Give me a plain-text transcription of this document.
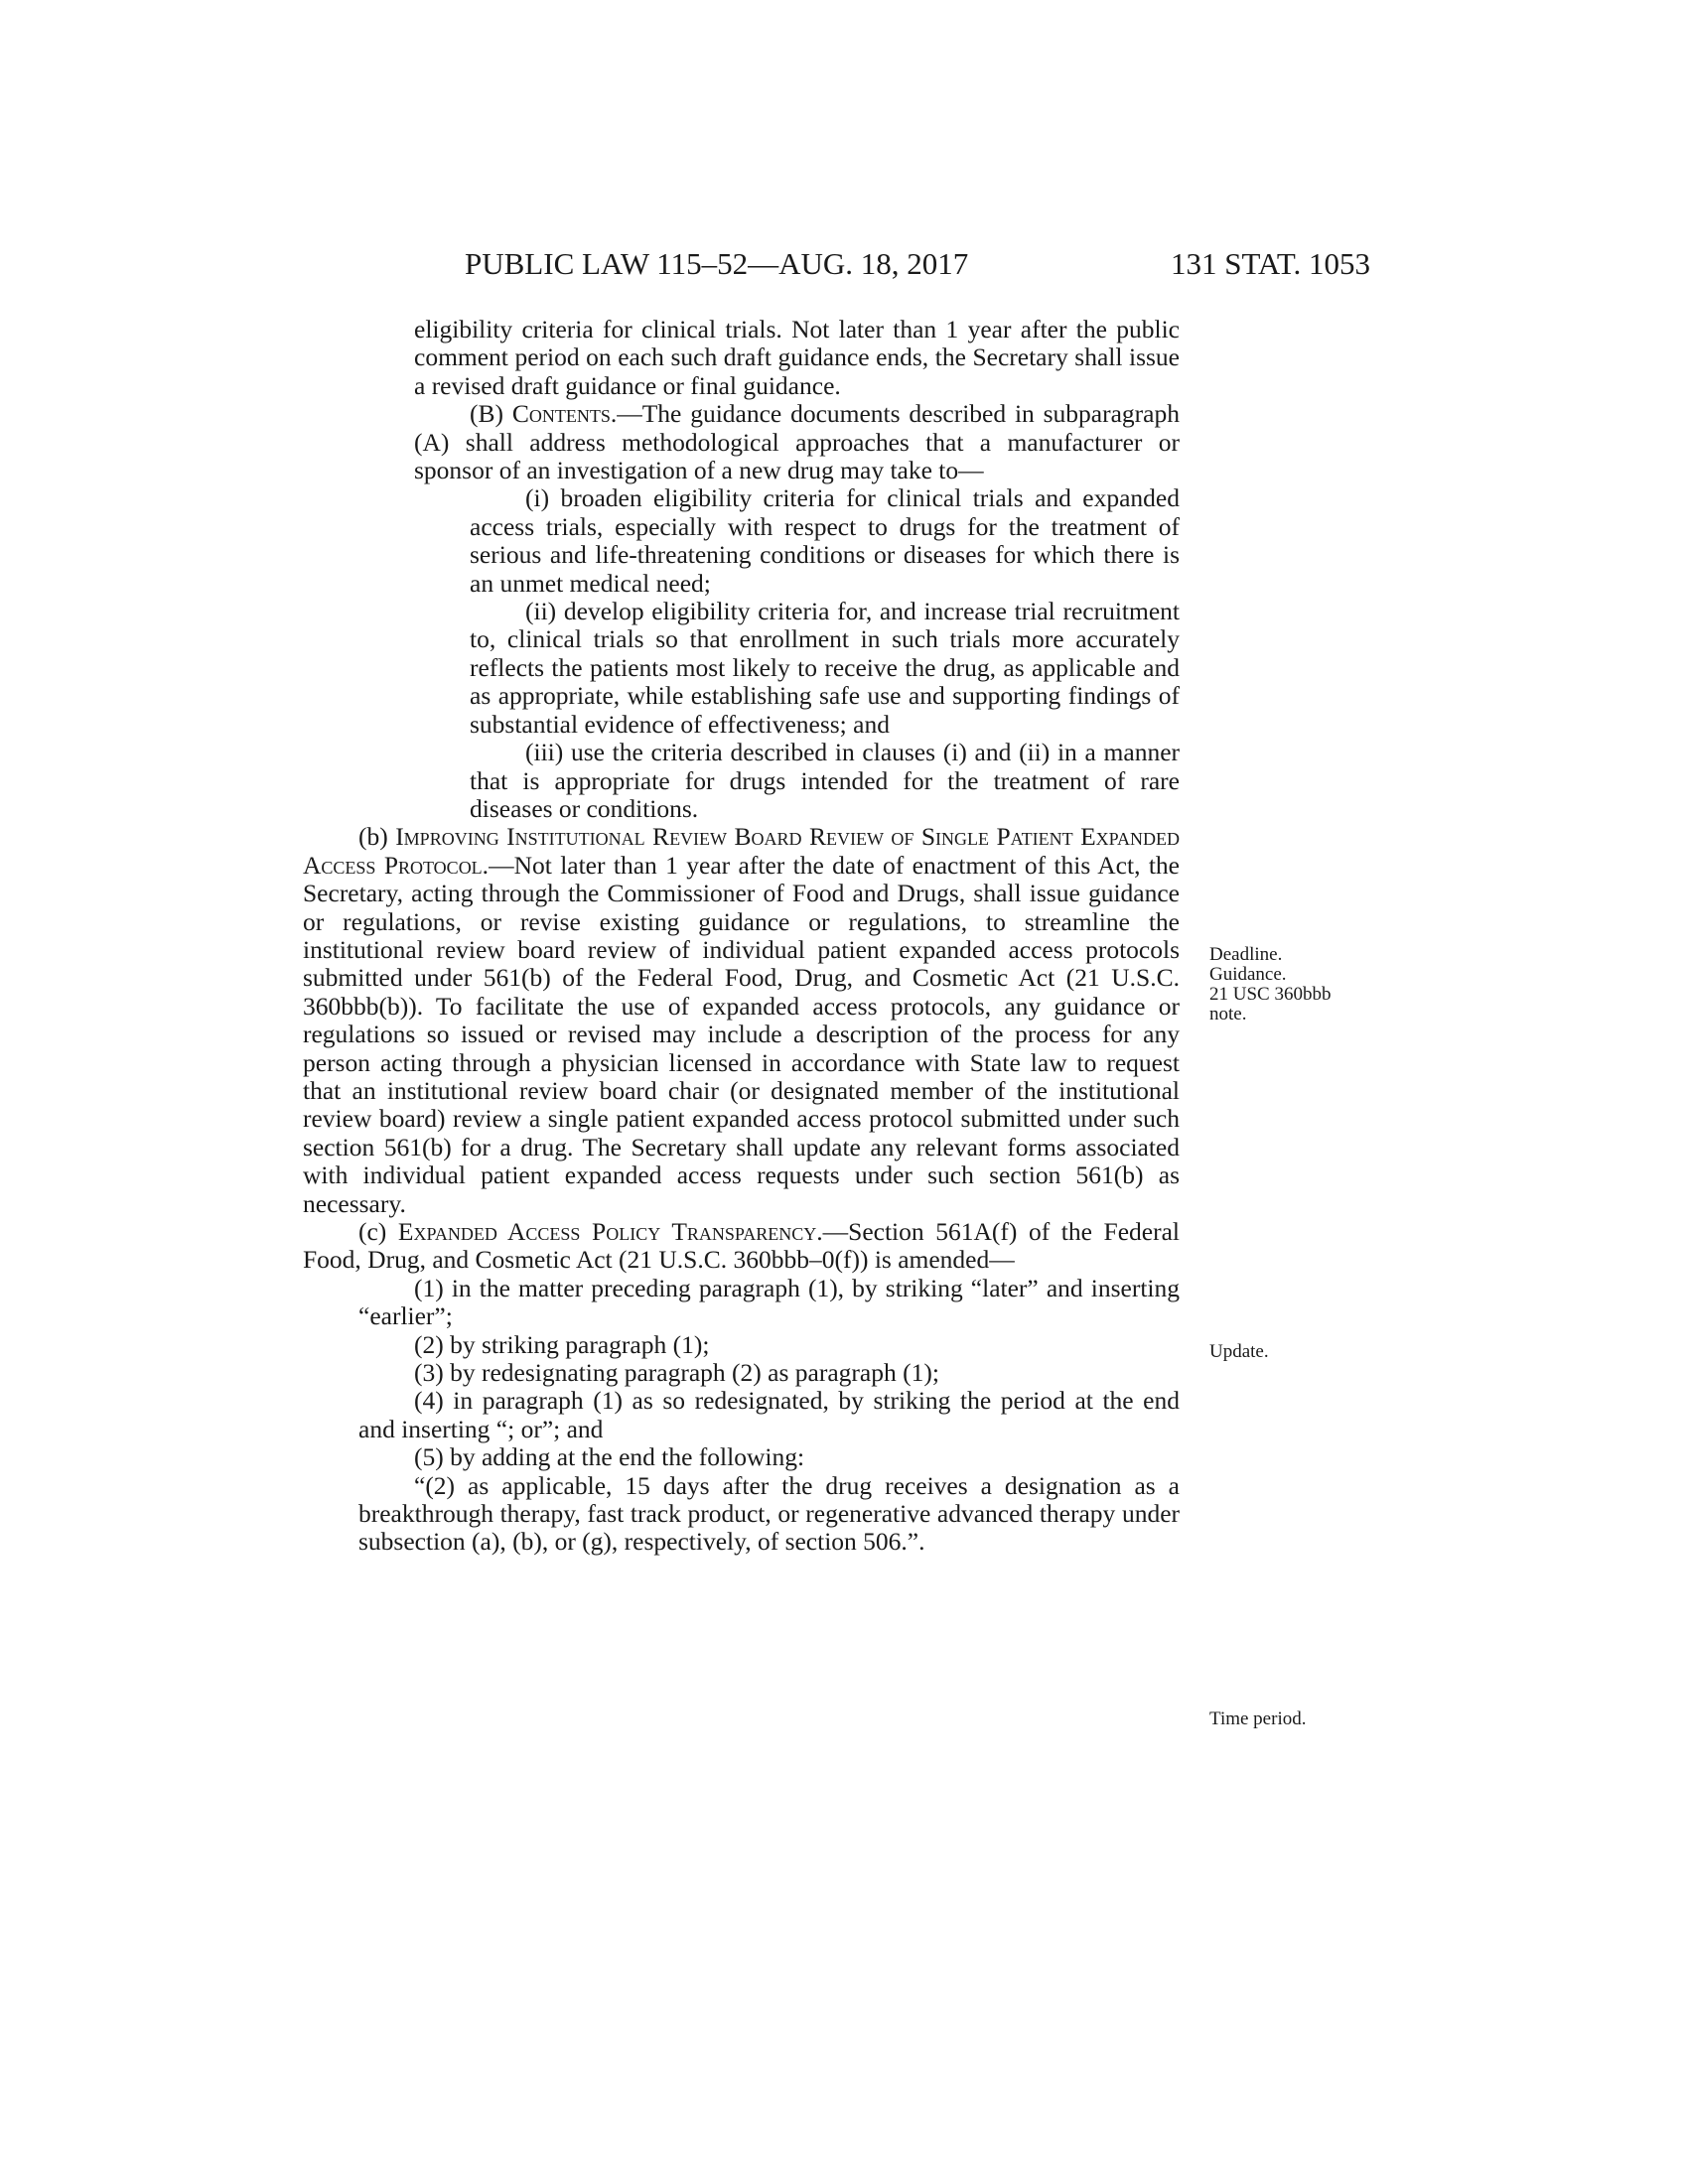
PUBLIC LAW 115–52—AUG. 18, 2017	131 STAT. 1053

eligibility criteria for clinical trials. Not later than 1 year after the public comment period on each such draft guidance ends, the Secretary shall issue a revised draft guidance or final guidance.

(B) Contents.—The guidance documents described in subparagraph (A) shall address methodological approaches that a manufacturer or sponsor of an investigation of a new drug may take to—

(i) broaden eligibility criteria for clinical trials and expanded access trials, especially with respect to drugs for the treatment of serious and life-threatening conditions or diseases for which there is an unmet medical need;

(ii) develop eligibility criteria for, and increase trial recruitment to, clinical trials so that enrollment in such trials more accurately reflects the patients most likely to receive the drug, as applicable and as appropriate, while establishing safe use and supporting findings of substantial evidence of effectiveness; and

(iii) use the criteria described in clauses (i) and (ii) in a manner that is appropriate for drugs intended for the treatment of rare diseases or conditions.

(b) Improving Institutional Review Board Review of Single Patient Expanded Access Protocol.—Not later than 1 year after the date of enactment of this Act, the Secretary, acting through the Commissioner of Food and Drugs, shall issue guidance or regulations, or revise existing guidance or regulations, to streamline the institutional review board review of individual patient expanded access protocols submitted under 561(b) of the Federal Food, Drug, and Cosmetic Act (21 U.S.C. 360bbb(b)). To facilitate the use of expanded access protocols, any guidance or regulations so issued or revised may include a description of the process for any person acting through a physician licensed in accordance with State law to request that an institutional review board chair (or designated member of the institutional review board) review a single patient expanded access protocol submitted under such section 561(b) for a drug. The Secretary shall update any relevant forms associated with individual patient expanded access requests under such section 561(b) as necessary.

(c) Expanded Access Policy Transparency.—Section 561A(f) of the Federal Food, Drug, and Cosmetic Act (21 U.S.C. 360bbb–0(f)) is amended—

(1) in the matter preceding paragraph (1), by striking “later” and inserting “earlier”;

(2) by striking paragraph (1);

(3) by redesignating paragraph (2) as paragraph (1);

(4) in paragraph (1) as so redesignated, by striking the period at the end and inserting “; or”; and

(5) by adding at the end the following:

“(2) as applicable, 15 days after the drug receives a designation as a breakthrough therapy, fast track product, or regenerative advanced therapy under subsection (a), (b), or (g), respectively, of section 506.”.

Deadline.
Guidance.
21 USC 360bbb
note.
Update.
Time period.
